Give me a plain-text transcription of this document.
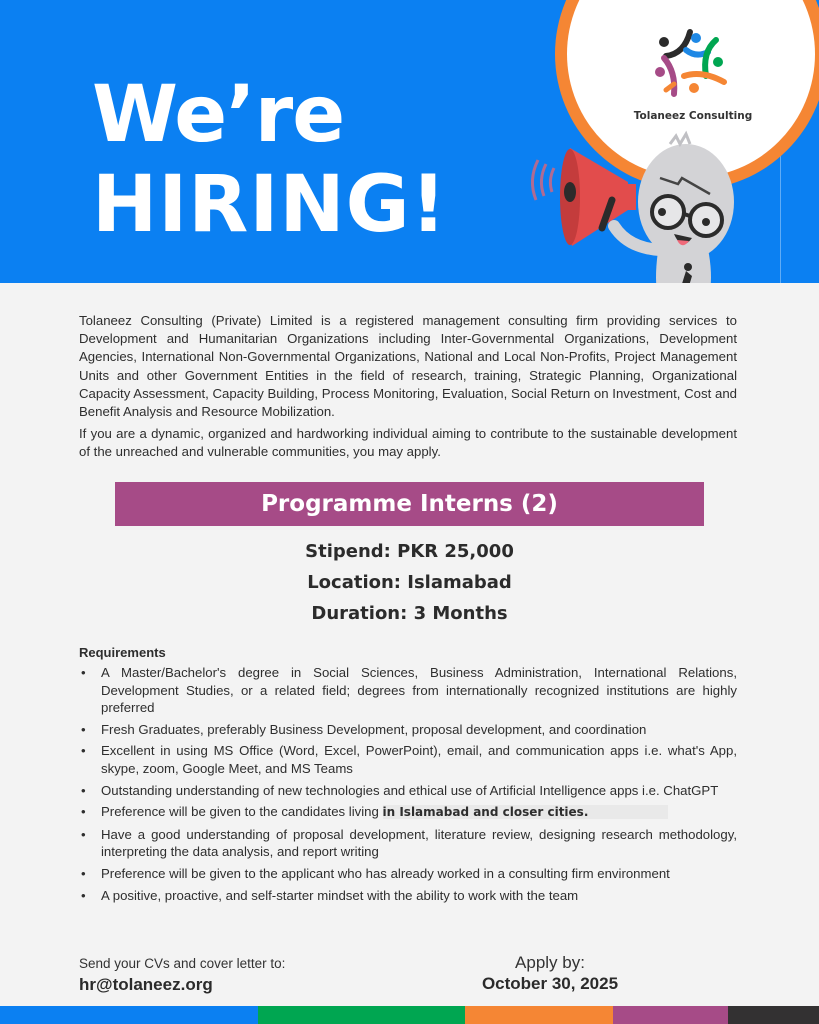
We’re
HIRING!
Tolaneez Consulting

Tolaneez Consulting (Private) Limited is a registered management consulting firm providing services to Development and Humanitarian Organizations including Inter-Governmental Organizations, Development Agencies, International Non-Governmental Organizations, National and Local Non-Profits, Project Management Units and other Government Entities in the field of research, training, Strategic Planning, Organizational Capacity Assessment, Capacity Building, Process Monitoring, Evaluation, Social Return on Investment, Cost and Benefit Analysis and Resource Mobilization.

If you are a dynamic, organized and hardworking individual aiming to contribute to the sustainable development of the unreached and vulnerable communities, you may apply.

Programme Interns (2)
Stipend: PKR 25,000
Location: Islamabad
Duration: 3 Months
Requirements
• A Master/Bachelor's degree in Social Sciences, Business Administration, International Relations, Development Studies, or a related field; degrees from internationally recognized institutions are highly preferred
• Fresh Graduates, preferably Business Development, proposal development, and coordination
• Excellent in using MS Office (Word, Excel, PowerPoint), email, and communication apps i.e. what's App, skype, zoom, Google Meet, and MS Teams
• Outstanding understanding of new technologies and ethical use of Artificial Intelligence apps i.e. ChatGPT
• Preference will be given to the candidates living in Islamabad and closer cities.
• Have a good understanding of proposal development, literature review, designing research methodology, interpreting the data analysis, and report writing
• Preference will be given to the applicant who has already worked in a consulting firm environment
• A positive, proactive, and self-starter mindset with the ability to work with the team
Send your CVs and cover letter to:
hr@tolaneez.org
Apply by:
October 30, 2025
